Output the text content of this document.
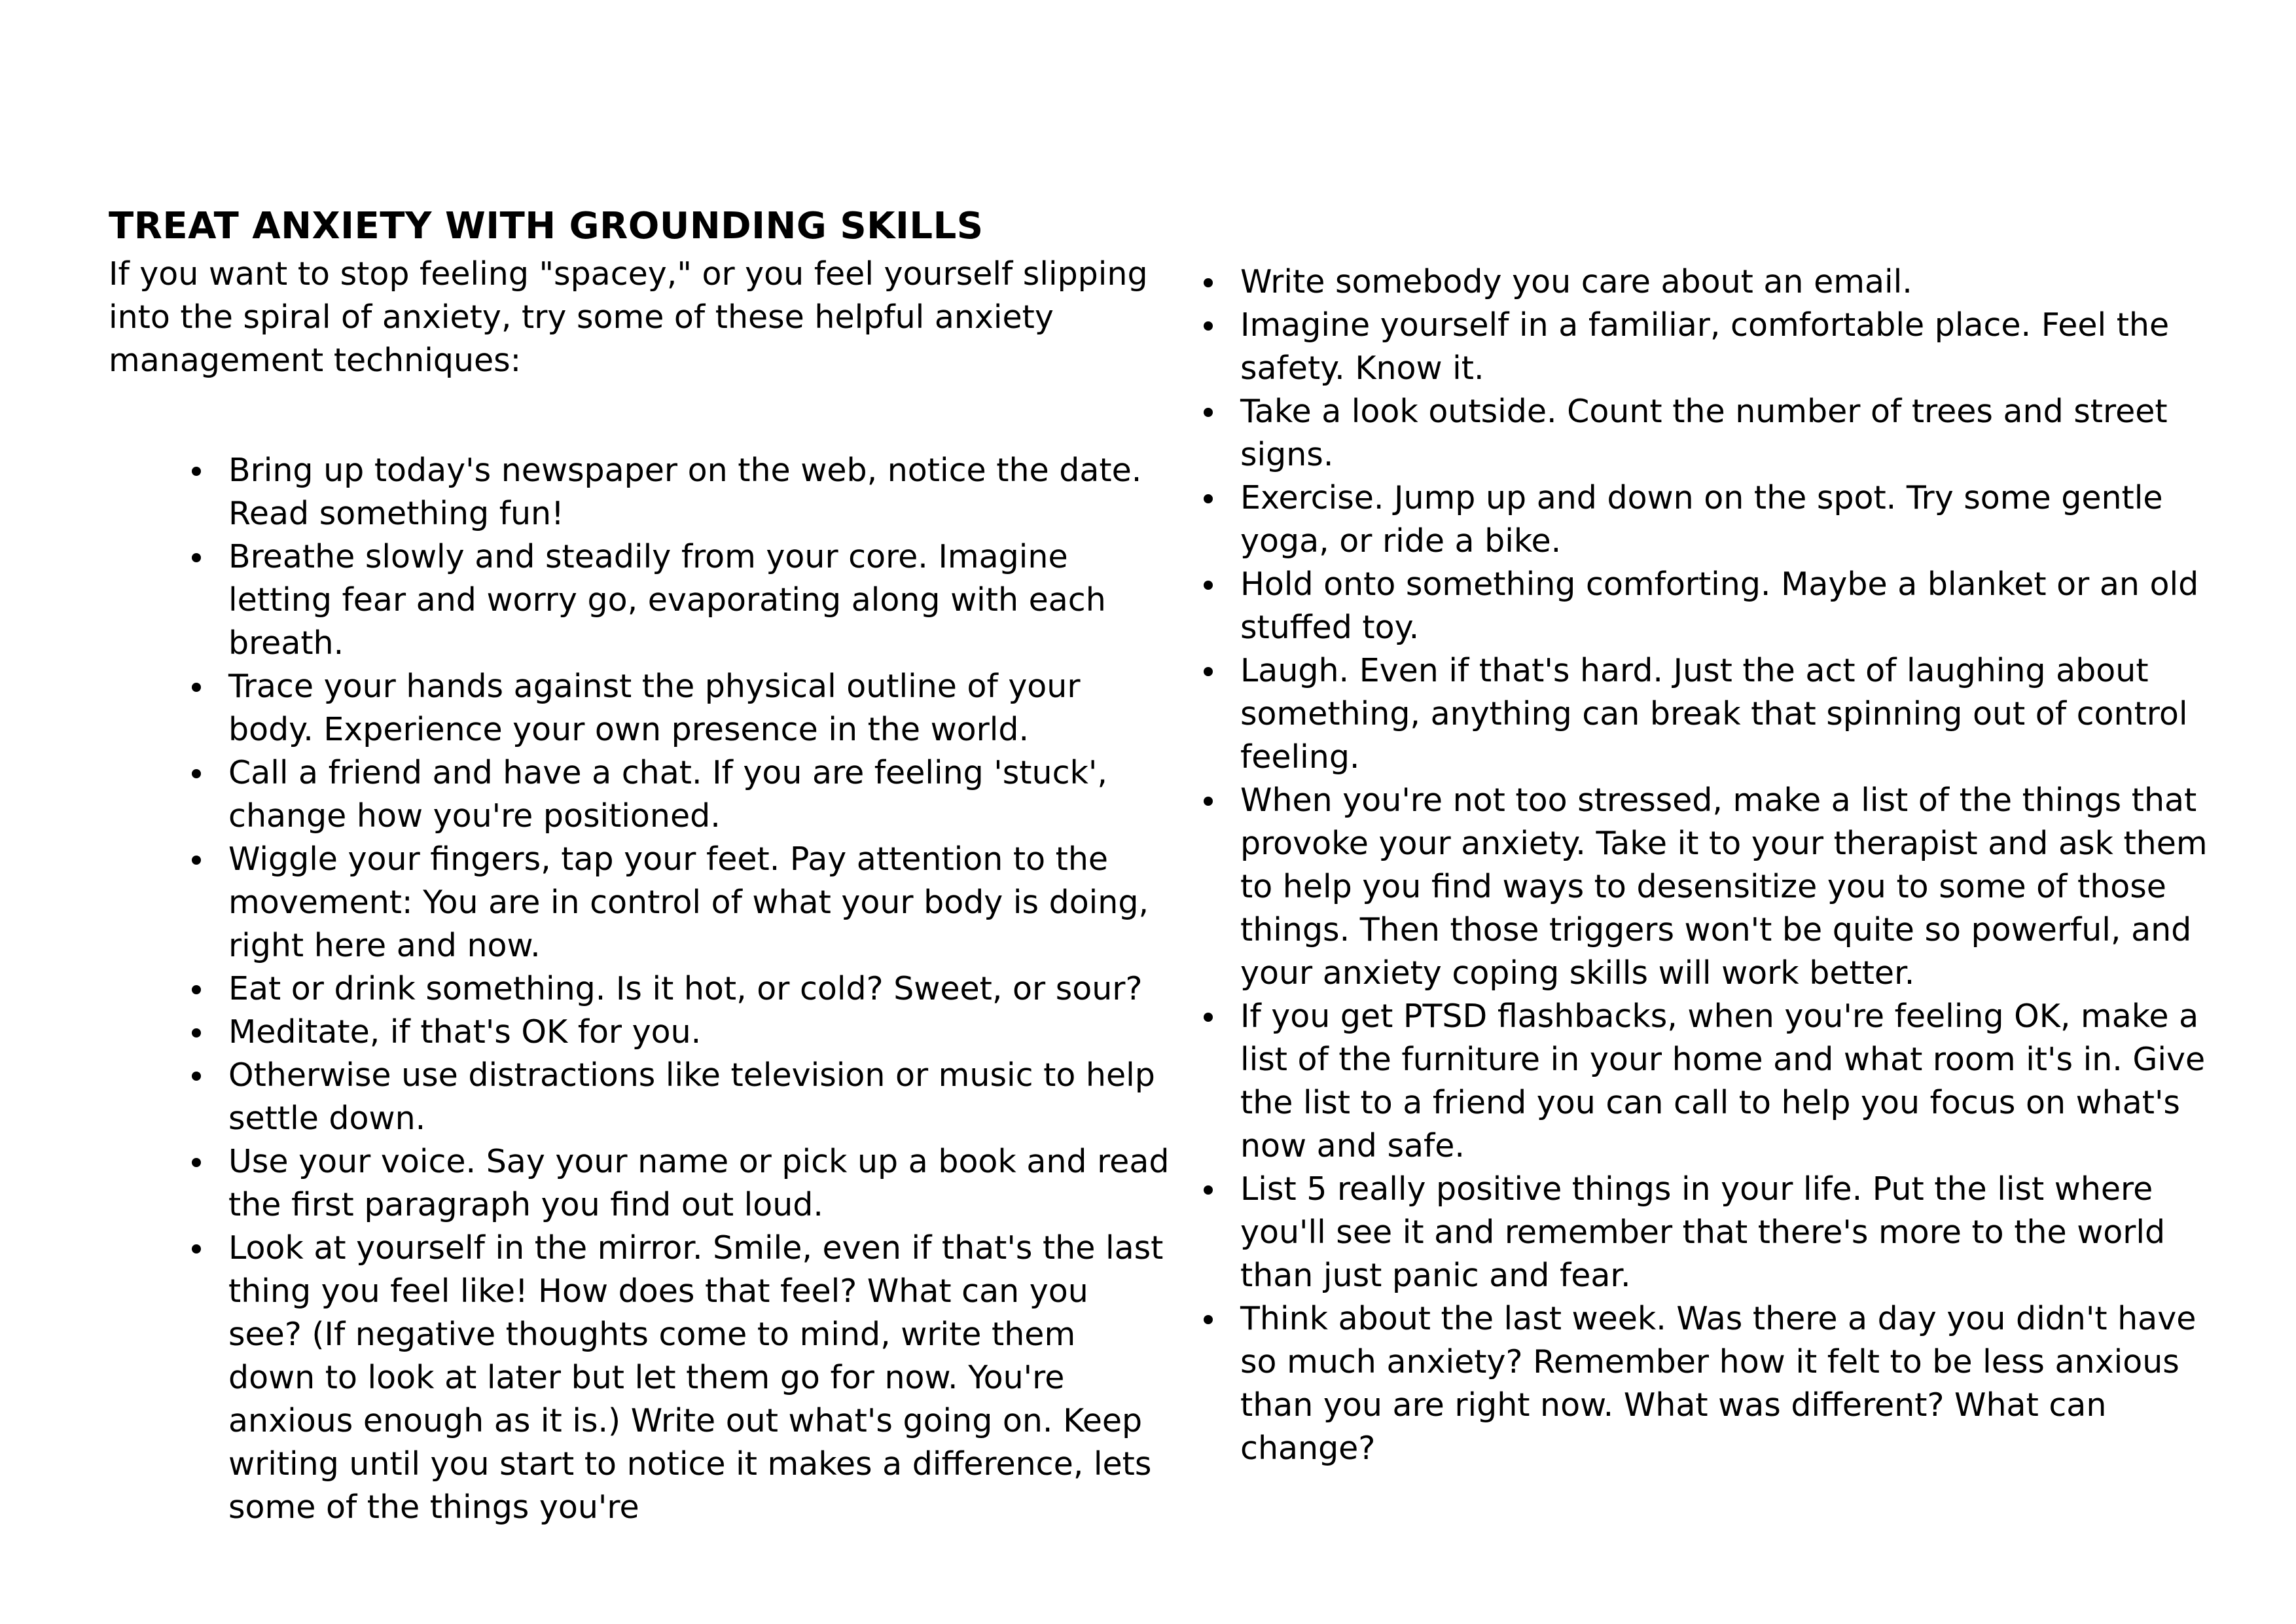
TREAT ANXIETY WITH GROUNDING SKILLS

If you want to stop feeling "spacey," or you feel yourself slipping into the spiral of anxiety, try some of these helpful anxiety management techniques:

Bring up today's newspaper on the web, notice the date. Read something fun!
Breathe slowly and steadily from your core. Imagine letting fear and worry go, evaporating along with each breath.
Trace your hands against the physical outline of your body. Experience your own presence in the world.
Call a friend and have a chat. If you are feeling 'stuck', change how you're positioned.
Wiggle your fingers, tap your feet. Pay attention to the movement: You are in control of what your body is doing, right here and now.
Eat or drink something. Is it hot, or cold? Sweet, or sour?
Meditate, if that's OK for you.
Otherwise use distractions like television or music to help settle down.
Use your voice. Say your name or pick up a book and read the first paragraph you find out loud.
Look at yourself in the mirror. Smile, even if that's the last thing you feel like! How does that feel? What can you see? (If negative thoughts come to mind, write them down to look at later but let them go for now. You're anxious enough as it is.) Write out what's going on. Keep writing until you start to notice it makes a difference, lets some of the things you're
Write somebody you care about an email.
Imagine yourself in a familiar, comfortable place. Feel the safety. Know it.
Take a look outside. Count the number of trees and street signs.
Exercise. Jump up and down on the spot. Try some gentle yoga, or ride a bike.
Hold onto something comforting. Maybe a blanket or an old stuffed toy.
Laugh. Even if that's hard. Just the act of laughing about something, anything can break that spinning out of control feeling.
When you're not too stressed, make a list of the things that provoke your anxiety. Take it to your therapist and ask them to help you find ways to desensitize you to some of those things. Then those triggers won't be quite so powerful, and your anxiety coping skills will work better.
If you get PTSD flashbacks, when you're feeling OK, make a list of the furniture in your home and what room it's in. Give the list to a friend you can call to help you focus on what's now and safe.
List 5 really positive things in your life. Put the list where you'll see it and remember that there's more to the world than just panic and fear.
Think about the last week. Was there a day you didn't have so much anxiety? Remember how it felt to be less anxious than you are right now. What was different? What can change?
